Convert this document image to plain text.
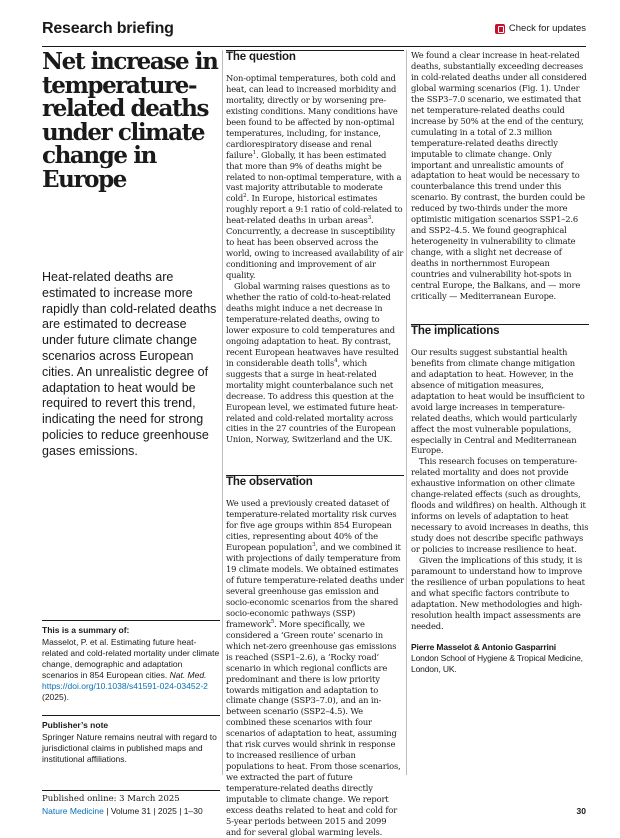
Research briefing	Check for updates
Net increase in temperature-related deaths under climate change in Europe
Heat-related deaths are estimated to increase more rapidly than cold-related deaths are estimated to decrease under future climate change scenarios across European cities. An unrealistic degree of adaptation to heat would be required to revert this trend, indicating the need for strong policies to reduce greenhouse gases emissions.
This is a summary of:
Masselot, P. et al. Estimating future heat-related and cold-related mortality under climate change, demographic and adaptation scenarios in 854 European cities. Nat. Med. https://doi.org/10.1038/s41591-024-03452-2 (2025).
Publisher’s note
Springer Nature remains neutral with regard to jurisdictional claims in published maps and institutional affiliations.
Published online: 3 March 2025
The question

Non-optimal temperatures, both cold and heat, can lead to increased morbidity and mortality, directly or by worsening pre-existing conditions. Many conditions have been found to be affected by non-optimal temperatures, including, for instance, cardiorespiratory disease and renal failure$^1$. Globally, it has been estimated that more than 9% of deaths might be related to non-optimal temperature, with a vast majority attributable to moderate cold$^2$. In Europe, historical estimates roughly report a 9:1 ratio of cold-related to heat-related deaths in urban areas$^3$. Concurrently, a decrease in susceptibility to heat has been observed across the world, owing to increased availability of air conditioning and improvement of air quality.

Global warming raises questions as to whether the ratio of cold-to-heat-related deaths might induce a net decrease in temperature-related deaths, owing to lower exposure to cold temperatures and ongoing adaptation to heat. By contrast, recent European heatwaves have resulted in considerable death tolls$^4$, which suggests that a surge in heat-related mortality might counterbalance such net decrease. To address this question at the European level, we estimated future heat-related and cold-related mortality across cities in the 27 countries of the European Union, Norway, Switzerland and the UK.

The observation

We used a previously created dataset of temperature-related mortality risk curves for five age groups within 854 European cities, representing about 40% of the European population$^3$, and we combined it with projections of daily temperature from 19 climate models. We obtained estimates of future temperature-related deaths under several greenhouse gas emission and socio-economic scenarios from the shared socio-economic pathways (SSP) framework$^5$. More specifically, we considered a ‘Green route’ scenario in which net-zero greenhouse gas emissions is reached (SSP1–2.6), a ‘Rocky road’ scenario in which regional conflicts are predominant and there is low priority towards mitigation and adaptation to climate change (SSP3–7.0), and an in-between scenario (SSP2–4.5). We combined these scenarios with four scenarios of adaptation to heat, assuming that risk curves would shrink in response to increased resilience of urban populations to heat. From those scenarios, we extracted the part of future temperature-related deaths directly imputable to climate change. We report excess deaths related to heat and cold for 5-year periods between 2015 and 2099 and for several global warming levels.

We found a clear increase in heat-related deaths, substantially exceeding decreases in cold-related deaths under all considered global warming scenarios (Fig. 1). Under the SSP3–7.0 scenario, we estimated that net temperature-related deaths could increase by 50% at the end of the century, cumulating in a total of 2.3 million temperature-related deaths directly imputable to climate change. Only important and unrealistic amounts of adaptation to heat would be necessary to counterbalance this trend under this scenario. By contrast, the burden could be reduced by two-thirds under the more optimistic mitigation scenarios SSP1–2.6 and SSP2–4.5. We found geographical heterogeneity in vulnerability to climate change, with a slight net decrease of deaths in northernmost European countries and vulnerability hot-spots in central Europe, the Balkans, and — more critically — Mediterranean Europe.

The implications

Our results suggest substantial health benefits from climate change mitigation and adaptation to heat. However, in the absence of mitigation measures, adaptation to heat would be insufficient to avoid large increases in temperature-related deaths, which would particularly affect the most vulnerable populations, especially in Central and Mediterranean Europe.

This research focuses on temperature-related mortality and does not provide exhaustive information on other climate change-related effects (such as droughts, floods and wildfires) on health. Although it informs on levels of adaptation to heat necessary to avoid increases in deaths, this study does not describe specific pathways or policies to increase resilience to heat.

Given the implications of this study, it is paramount to understand how to improve the resilience of urban populations to heat and what specific factors contribute to adaptation. New methodologies and high-resolution health impact assessments are needed.

Pierre Masselot & Antonio Gasparrini
London School of Hygiene & Tropical Medicine, London, UK.
Nature Medicine | Volume 31 | 2025 | 1–30	30
